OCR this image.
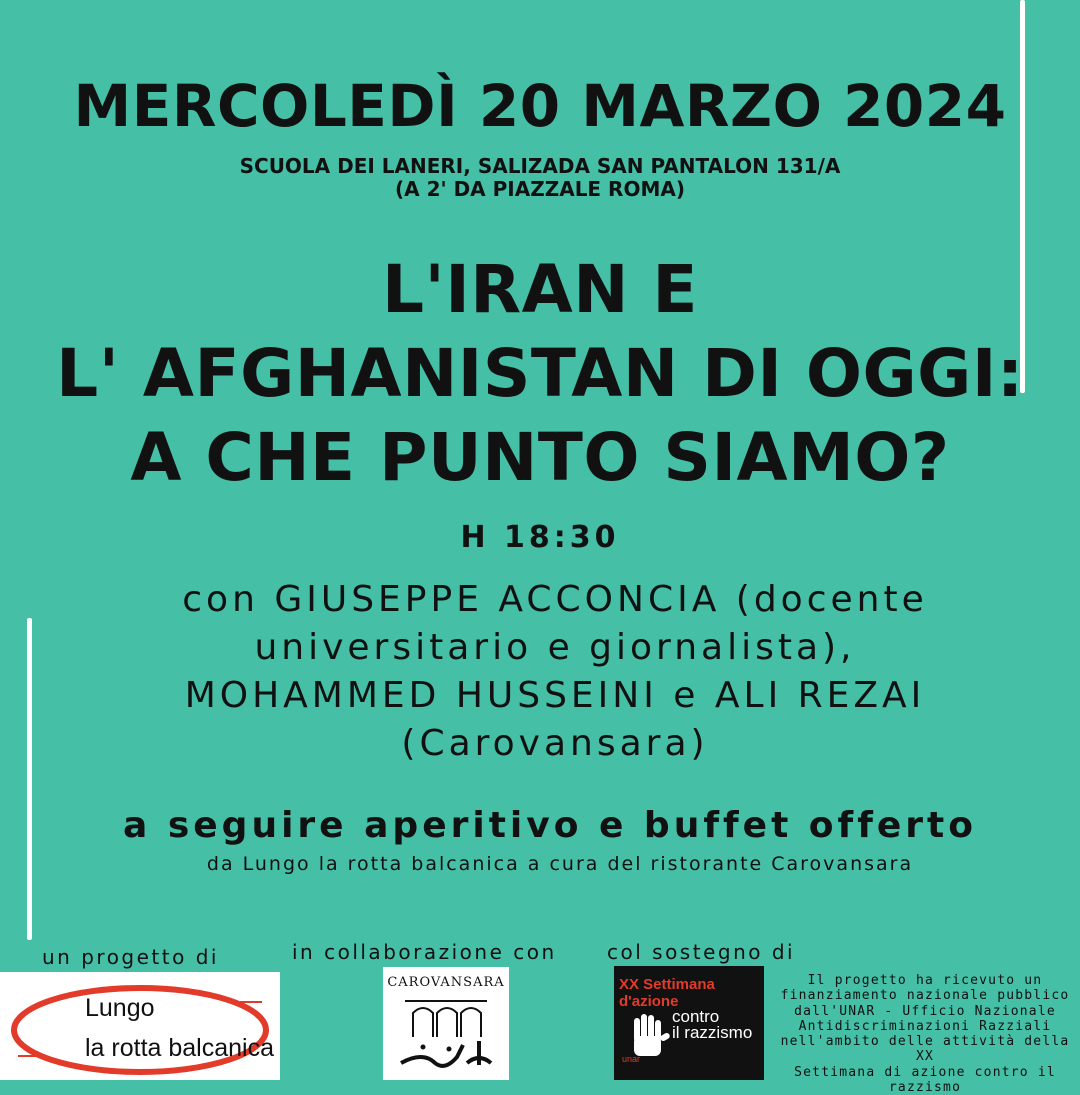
MERCOLEDÌ 20 MARZO 2024
SCUOLA DEI LANERI, SALIZADA SAN PANTALON 131/A
(A 2' DA PIAZZALE ROMA)
L'IRAN E
L' AFGHANISTAN DI OGGI:
A CHE PUNTO SIAMO?
H 18:30
con GIUSEPPE ACCONCIA (docente
universitario e giornalista),
MOHAMMED HUSSEINI e ALI REZAI
(Carovansara)
a seguire aperitivo e buffet offerto
da Lungo la rotta balcanica a cura del ristorante Carovansara
un progetto di	in collaborazione con	col sostegno di
Lungo
la rotta balcanica
CAROVANSARA	XX Settimana
d'azione
contro
il razzismo
unar
Il progetto ha ricevuto un
finanziamento nazionale pubblico
dall'UNAR - Ufficio Nazionale
Antidiscriminazioni Razziali
nell'ambito delle attività della XX
Settimana di azione contro il
razzismo
